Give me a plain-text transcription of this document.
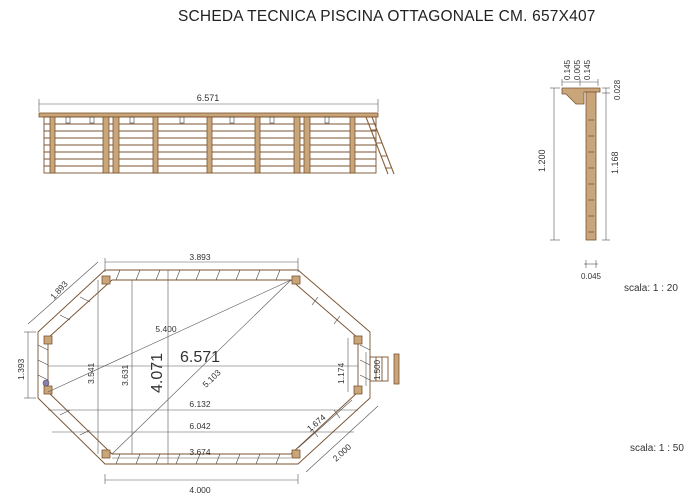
SCHEDA TECNICA PISCINA OTTAGONALE CM. 657X407
6.571
0.145 0.005 0.145
0.028
1.200	1.168
0.045
3.893
1.893
5.400
5.103
6.571
4.071
3.541	3.631
1.393
6.132
6.042
1.174	1.500
1.674
3.674	2.000
4.000
scala: 1 : 20
scala: 1 : 50
